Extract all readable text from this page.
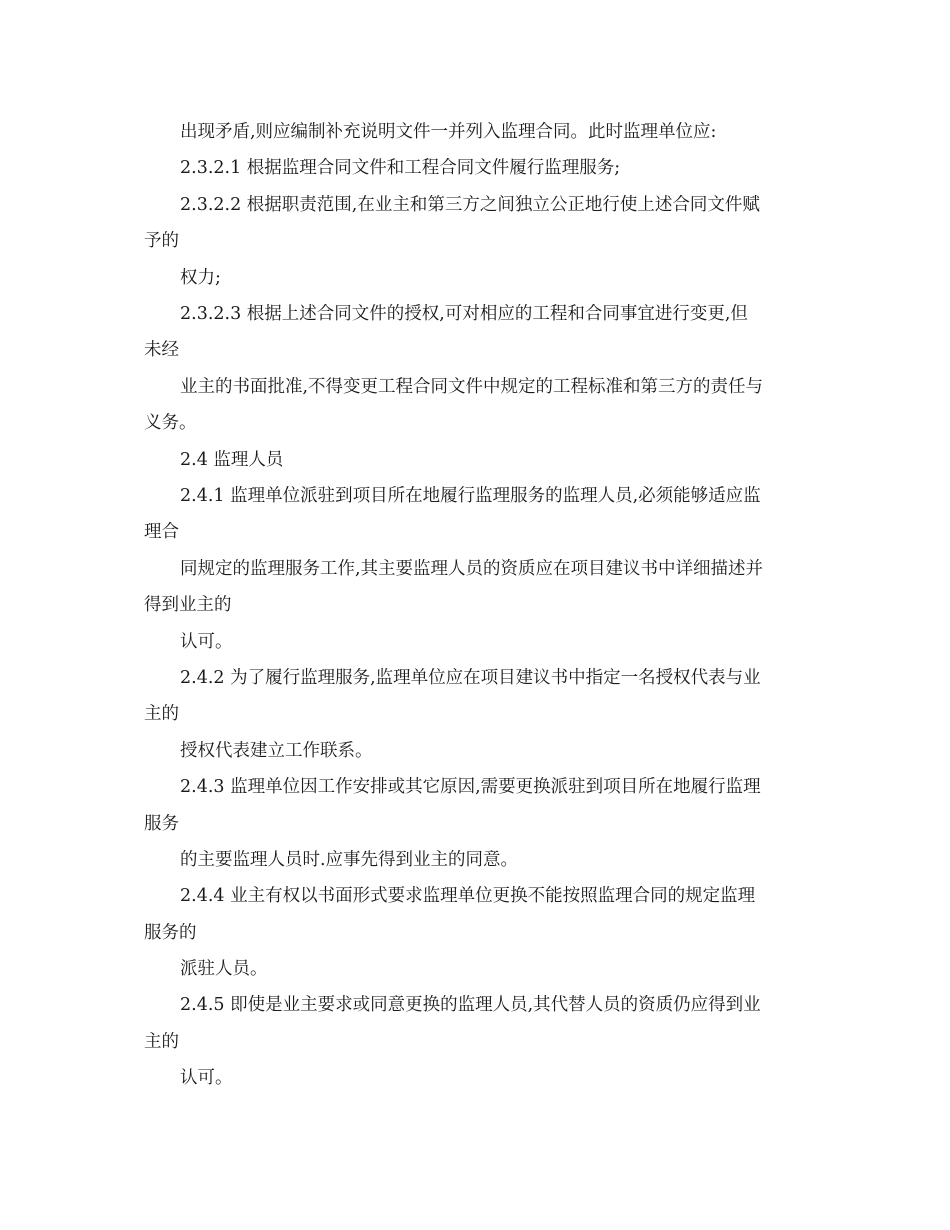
出现矛盾,则应编制补充说明文件一并列入监理合同。此时监理单位应:
2.3.2.1 根据监理合同文件和工程合同文件履行监理服务;
2.3.2.2 根据职责范围,在业主和第三方之间独立公正地行使上述合同文件赋
予的
权力;
2.3.2.3 根据上述合同文件的授权,可对相应的工程和合同事宜进行变更,但
未经
业主的书面批准,不得变更工程合同文件中规定的工程标准和第三方的责任与
义务。
2.4 监理人员
2.4.1 监理单位派驻到项目所在地履行监理服务的监理人员,必须能够适应监
理合
同规定的监理服务工作,其主要监理人员的资质应在项目建议书中详细描述并
得到业主的
认可。
2.4.2 为了履行监理服务,监理单位应在项目建议书中指定一名授权代表与业
主的
授权代表建立工作联系。
2.4.3 监理单位因工作安排或其它原因,需要更换派驻到项目所在地履行监理
服务
的主要监理人员时.应事先得到业主的同意。
2.4.4 业主有权以书面形式要求监理单位更换不能按照监理合同的规定监理
服务的
派驻人员。
2.4.5 即使是业主要求或同意更换的监理人员,其代替人员的资质仍应得到业
主的
认可。
